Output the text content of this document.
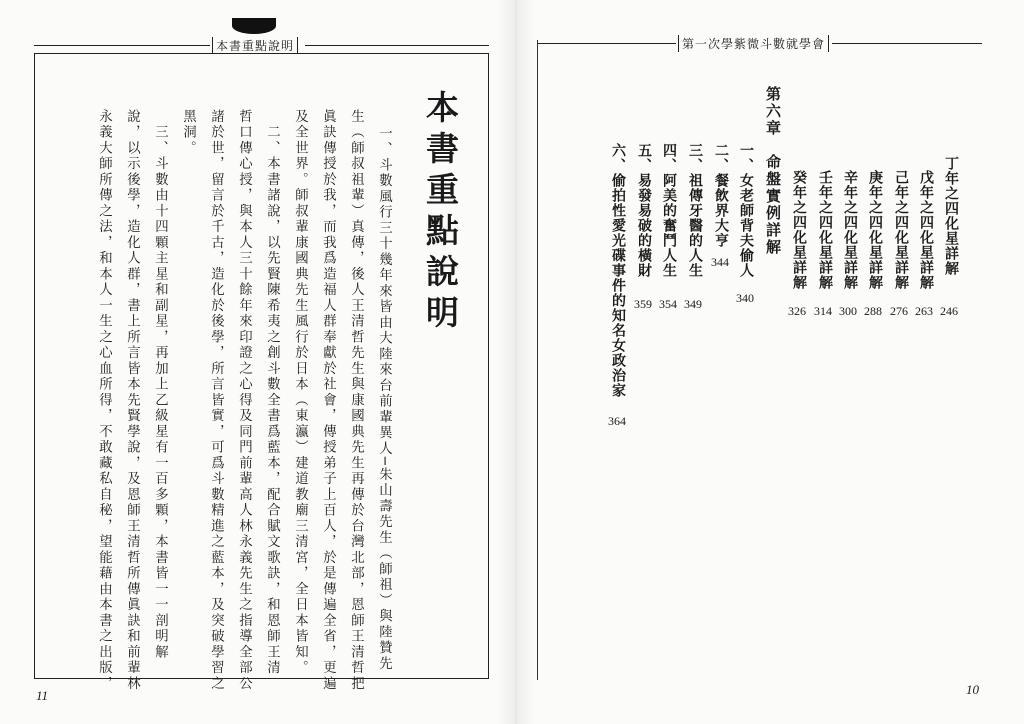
本書重點說明
本書重點說明
一、斗數風行三十幾年來皆由大陸來台前輩異人─朱山壽先生（師祖）與陸贊先
生（師叔祖輩）真傳，後人王清哲先生與康國典先生再傳於台灣北部，恩師王清哲把
眞訣傳授於我，而我爲造福人群奉獻於社會，傳授弟子上百人，於是傳遍全省，更遍
及全世界。師叔輩康國典先生風行於日本（東瀛）建道教廟三清宮，全日本皆知。
　二、本書諸說，以先賢陳希夷之創斗數全書爲藍本，配合賦文歌訣，和恩師王清
哲口傳心授，與本人三十餘年來印證之心得及同門前輩高人林永義先生之指導全部公
諸於世，留言於千古，造化於後學，所言皆實，可爲斗數精進之藍本，及突破學習之
黑洞。
　三、斗數由十四顆主星和副星，再加上乙級星有一百多顆，本書皆一一剖明解
說，以示後學，造化人群，書上所言皆本先賢學說，及恩師王清哲所傳眞訣和前輩林
永義大師所傳之法，和本人一生之心血所得，不敢藏私自秘，望能藉由本書之出版，
11
第一次學紫微斗數就學會
丁年之四化星詳解
246
戊年之四化星詳解
263
己年之四化星詳解
276
庚年之四化星詳解
288
辛年之四化星詳解
300
壬年之四化星詳解
314
癸年之四化星詳解
326
第六章　命盤實例詳解
一、女老師背夫偷人
340
二、餐飲界大亨
344
三、祖傳牙醫的人生
349
四、阿美的奮鬥人生
354
五、易發易破的橫財
359
六、偷拍性愛光碟事件的知名女政治家
364
10
